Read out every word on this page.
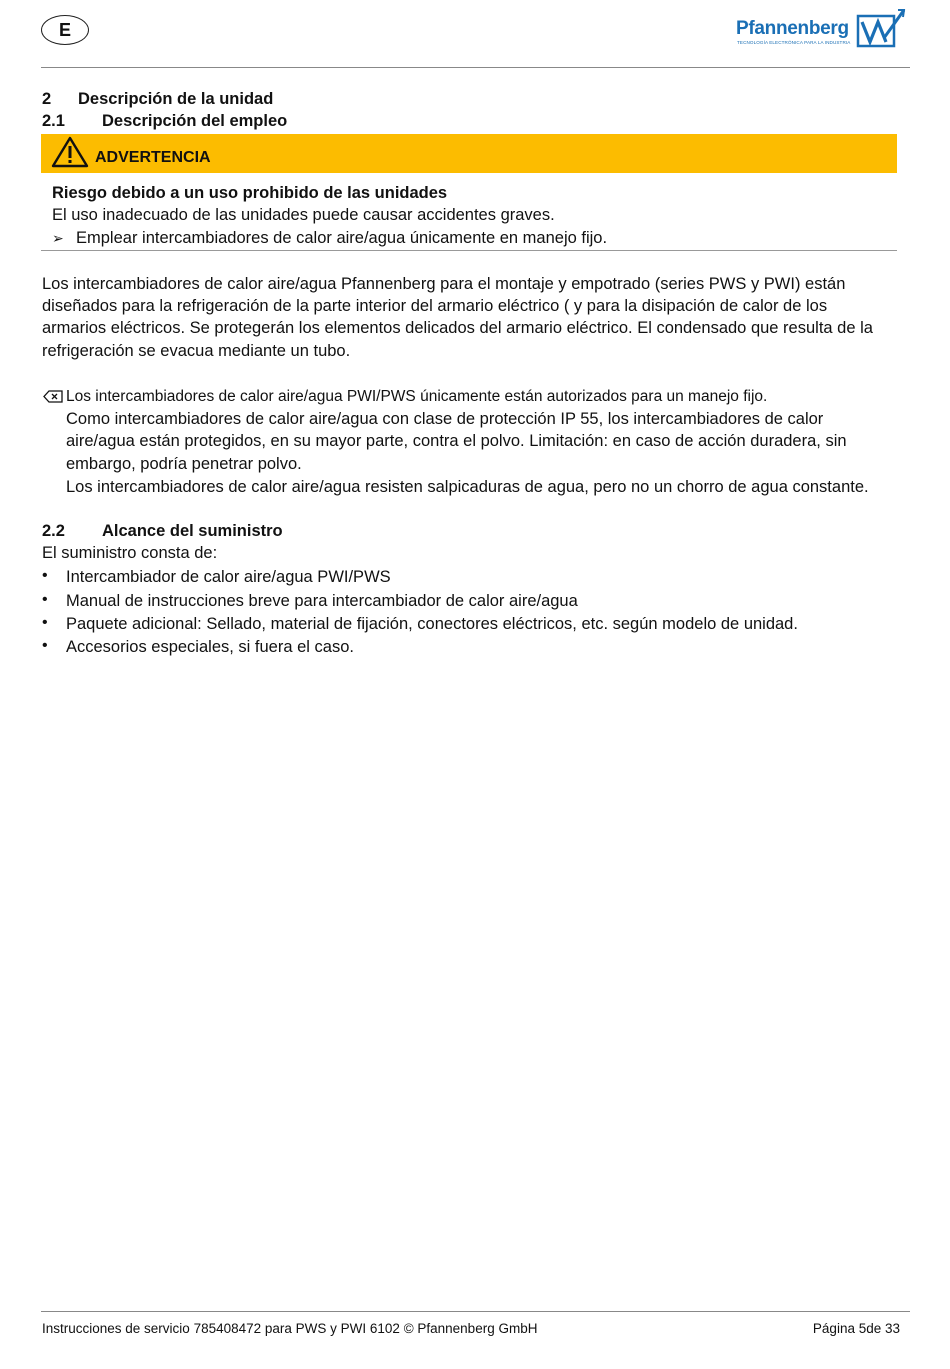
E	Pfannenberg
TECNOLOGÍA ELECTRÓNICA PARA LA INDUSTRIA
2 Descripción de la unidad
2.1 Descripción del empleo
ADVERTENCIA
Riesgo debido a un uso prohibido de las unidades
El uso inadecuado de las unidades puede causar accidentes graves.
➢ Emplear intercambiadores de calor aire/agua únicamente en manejo fijo.
Los intercambiadores de calor aire/agua Pfannenberg para el montaje y empotrado (series PWS y PWI) están
diseñados para la refrigeración de la parte interior del armario eléctrico ( y para la disipación de calor de los
armarios eléctricos. Se protegerán los elementos delicados del armario eléctrico. El condensado que resulta de la
refrigeración se evacua mediante un tubo.
Los intercambiadores de calor aire/agua PWI/PWS únicamente están autorizados para un manejo fijo.
Como intercambiadores de calor aire/agua con clase de protección IP 55, los intercambiadores de calor
aire/agua están protegidos, en su mayor parte, contra el polvo. Limitación: en caso de acción duradera, sin
embargo, podría penetrar polvo.
Los intercambiadores de calor aire/agua resisten salpicaduras de agua, pero no un chorro de agua constante.
2.2 Alcance del suministro
El suministro consta de:
• Intercambiador de calor aire/agua PWI/PWS
• Manual de instrucciones breve para intercambiador de calor aire/agua
• Paquete adicional: Sellado, material de fijación, conectores eléctricos, etc. según modelo de unidad.
• Accesorios especiales, si fuera el caso.
Instrucciones de servicio 785408472 para PWS y PWI 6102 © Pfannenberg GmbH	Página 5de 33
